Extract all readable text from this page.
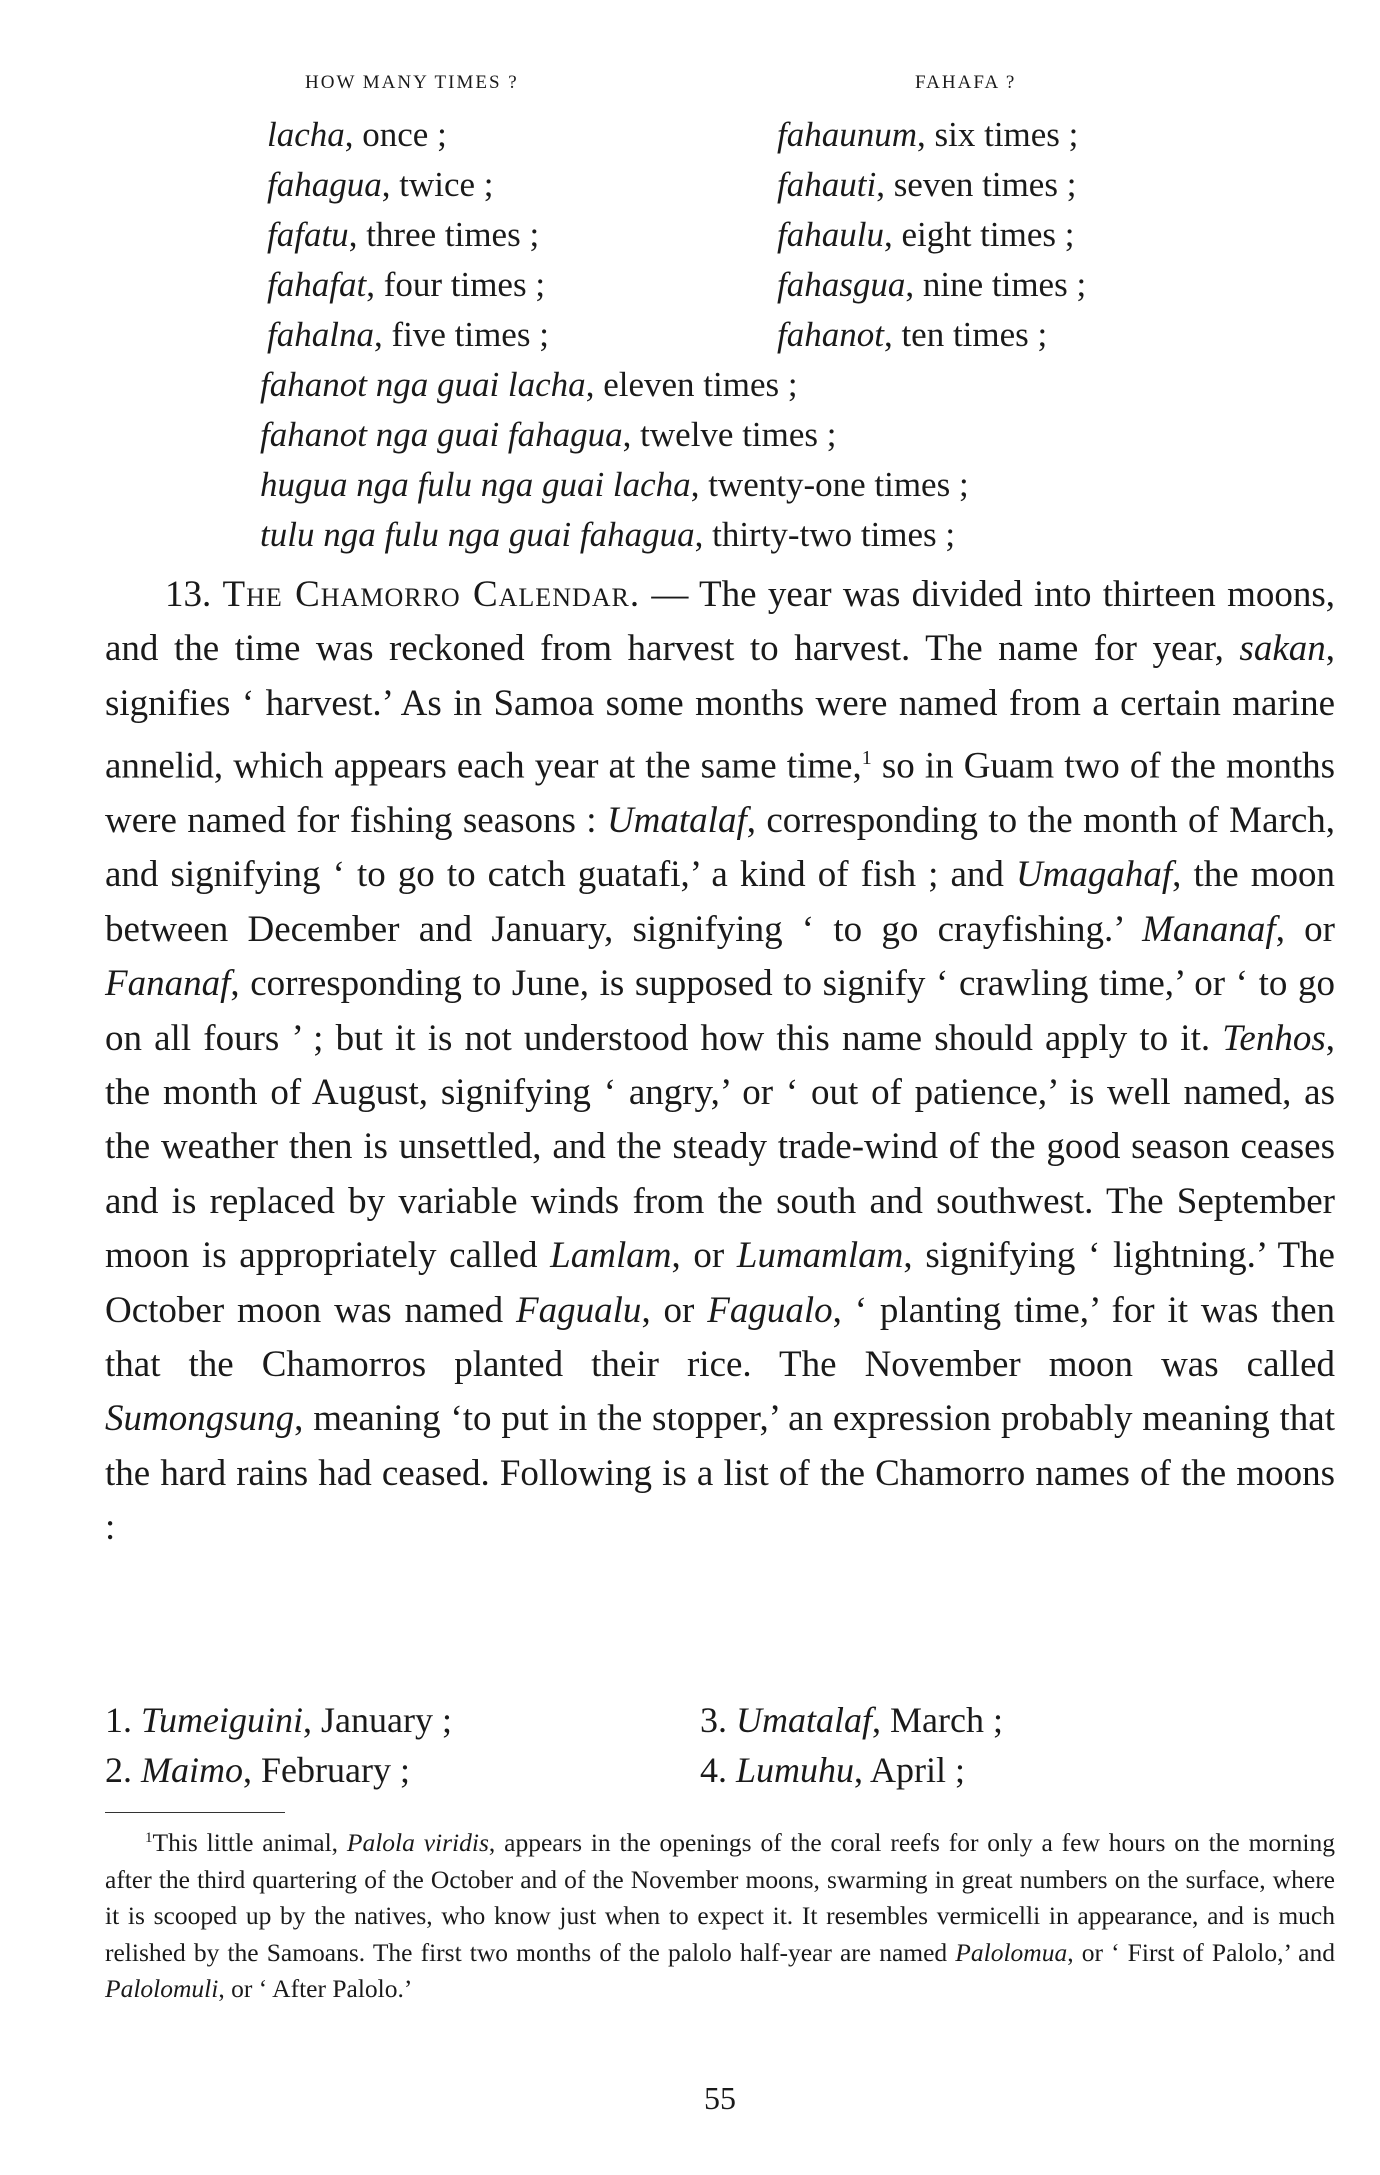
HOW MANY TIMES ?	FAHAFA ?
lacha, once ;	fahaunum, six times ;
fahagua, twice ;	fahauti, seven times ;
fafatu, three times ;	fahaulu, eight times ;
fahafat, four times ;	fahasgua, nine times ;
fahalna, five times ;	fahanot, ten times ;
fahanot nga guai lacha, eleven times ;
fahanot nga guai fahagua, twelve times ;
hugua nga fulu nga guai lacha, twenty-one times ;
tulu nga fulu nga guai fahagua, thirty-two times ;

13. The Chamorro Calendar. — The year was divided into thirteen moons, and the time was reckoned from harvest to harvest. The name for year, sakan, signifies ‘ harvest.’ As in Samoa some months were named from a certain marine annelid, which appears each year at the same time,$^1$ so in Guam two of the months were named for fishing seasons : Umatalaf, corresponding to the month of March, and signifying ‘ to go to catch guatafi,’ a kind of fish ; and Umagahaf, the moon between December and January, signifying ‘ to go crayfishing.’ Mananaf, or Fananaf, corresponding to June, is supposed to signify ‘ crawling time,’ or ‘ to go on all fours ’ ; but it is not understood how this name should apply to it. Tenhos, the month of August, signifying ‘ angry,’ or ‘ out of patience,’ is well named, as the weather then is unsettled, and the steady trade-wind of the good season ceases and is replaced by variable winds from the south and southwest. The September moon is appropriately called Lamlam, or Lumamlam, signifying ‘ lightning.’ The October moon was named Fagualu, or Fagualo, ‘ planting time,’ for it was then that the Chamorros planted their rice. The November moon was called Sumongsung, meaning ‘to put in the stopper,’ an expression probably meaning that the hard rains had ceased. Following is a list of the Chamorro names of the moons :

1. Tumeiguini, January ;	3. Umatalaf, March ;
2. Maimo, February ;	4. Lumuhu, April ;

$^1$This little animal, Palola viridis, appears in the openings of the coral reefs for only a few hours on the morning after the third quartering of the October and of the November moons, swarming in great numbers on the surface, where it is scooped up by the natives, who know just when to expect it. It resembles vermicelli in appearance, and is much relished by the Samoans. The first two months of the palolo half-year are named Palolomua, or ‘ First of Palolo,’ and Palolomuli, or ‘ After Palolo.’

55
